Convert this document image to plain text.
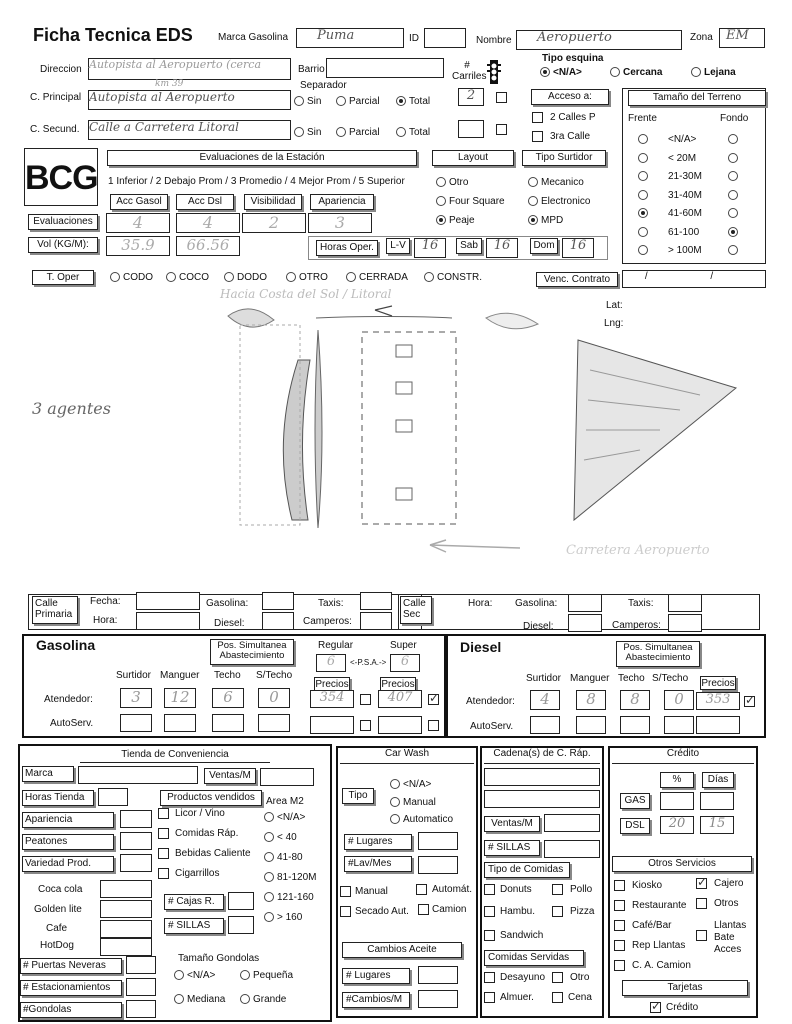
Ficha Tecnica EDS	Marca Gasolina	Puma	ID	Nombre	Aeropuerto	Zona	EM
Direccion Autopista al Aeropuerto (cerca
km 39
Barrio
Separador
# Carriles
Tipo esquina
<N/A>	Cercana	Lejana
C. Principal Autopista al Aeropuerto	Sin	Parcial	Total	2	Acceso a:
2 Calles P
3ra Calle
C. Secund. Calle a Carretera Litoral	Sin	Parcial	Total
Tamaño del Terreno
Frente	Fondo
<N/A>
< 20M
21-30M
31-40M
41-60M
61-100
> 100M
BCG
Evaluaciones de la Estación
1 Inferior / 2 Debajo Prom / 3 Promedio / 4 Mejor Prom / 5 Superior
Acc Gasol	Acc Dsl	Visibilidad	Apariencia
Evaluaciones
Vol (KG/M):
4	4	2	3
35.9	66.56
Layout
Otro
Four Square
Peaje
Tipo Surtidor
Mecanico
Electronico
MPD
Horas Oper.	L-V	16	Sab	16	Dom	16
T. Oper	CODO	COCO	DODO	OTRO	CERRADA	CONSTR.	Venc. Contrato	/ /
Lat:
Lng:
Hacia Costa del Sol / Litoral
3 agentes
Carretera Aeropuerto
Calle Primaria
Fecha:
Hora:
Gasolina:
Diesel:
Taxis:
Camperos:
Calle Sec
Hora: Gasolina:
Diesel:
Taxis:
Camperos:
Gasolina	Pos. Simultanea Abastecimiento
Regular	Super
6	<-P.S.A.->	6
Surtidor Manguer Techo S/Techo
Precios	Precios
Atendedor:
AutoServ.
3	12	6	0	354	407
✓
Diesel	Pos. Simultanea Abastecimiento
Surtidor Manguer Techo S/Techo Precios
Atendedor:
AutoServ.
4	8	8	0	353
✓
Tienda de Conveniencia
Marca	Ventas/M
Horas Tienda	Productos vendidos	Area M2
Apariencia
Peatones
Variedad Prod.
Licor / Vino
Comidas Ráp.
Bebidas Caliente
Cigarrillos
<N/A>
< 40
41-80
81-120M
121-160
> 160
Coca cola
Golden lite
Cafe
HotDog
# Cajas R.
# SILLAS
# Puertas Neveras
# Estacionamientos
#Gondolas
Tamaño Gondolas
<N/A>	Pequeña
Mediana	Grande
Car Wash
Tipo
<N/A>
Manual
Automatico
# Lugares
#Lav/Mes
Manual	Automát.
Secado Aut. Camion
Cambios Aceite
# Lugares
#Cambios/M
Cadena(s) de C. Ráp.
Ventas/M
# SILLAS
Tipo de Comidas
Donuts	Pollo
Hambu.	Pizza
Sandwich
Comidas Servidas
Desayuno Otro
Almuer.	Cena
Crédito
%	Días
GAS
DSL	20	15
Otros Servicios
Kiosko
✓	Cajero
Restaurante	Otros
Café/Bar	Llantas
Bate
Acces
Rep Llantas
C. A. Camion
Tarjetas
✓
Crédito
